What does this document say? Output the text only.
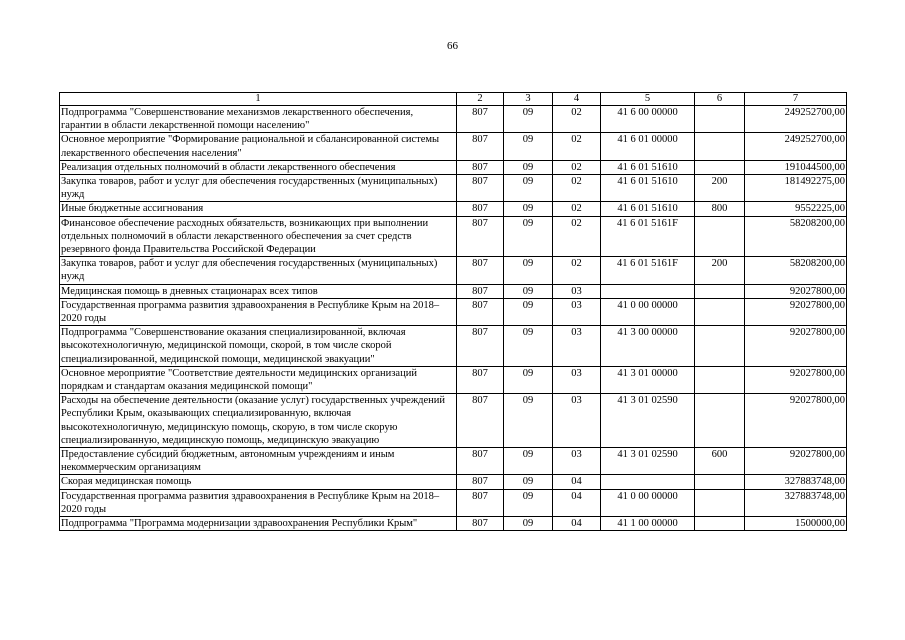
66
1	2	3	4	5	6	7
Подпрограмма "Совершенствование механизмов лекарственного обеспечения, гарантии в области лекарственной помощи населению"	807	09	02	41 6 00 00000		249252700,00
Основное мероприятие "Формирование рациональной и сбалансированной системы лекарственного обеспечения населения"	807	09	02	41 6 01 00000		249252700,00
Реализация отдельных полномочий в области лекарственного обеспечения	807	09	02	41 6 01 51610		191044500,00
Закупка товаров, работ и услуг для обеспечения государственных (муниципальных) нужд	807	09	02	41 6 01 51610	200	181492275,00
Иные бюджетные ассигнования	807	09	02	41 6 01 51610	800	9552225,00
Финансовое обеспечение расходных обязательств, возникающих при выполнении отдельных полномочий в области лекарственного обеспечения за счет средств резервного фонда Правительства Российской Федерации	807	09	02	41 6 01 5161F		58208200,00
Закупка товаров, работ и услуг для обеспечения государственных (муниципальных) нужд	807	09	02	41 6 01 5161F	200	58208200,00
Медицинская помощь в дневных стационарах всех типов	807	09	03			92027800,00
Государственная программа развития здравоохранения в Республике Крым на 2018–2020 годы	807	09	03	41 0 00 00000		92027800,00
Подпрограмма "Совершенствование оказания специализированной, включая высокотехнологичную, медицинской помощи, скорой, в том числе скорой специализированной, медицинской помощи, медицинской эвакуации"	807	09	03	41 3 00 00000		92027800,00
Основное мероприятие "Соответствие деятельности медицинских организаций порядкам и стандартам оказания медицинской помощи"	807	09	03	41 3 01 00000		92027800,00
Расходы на обеспечение деятельности (оказание услуг) государственных учреждений Республики Крым, оказывающих специализированную, включая высокотехнологичную, медицинскую помощь, скорую, в том числе скорую специализированную, медицинскую помощь, медицинскую эвакуацию	807	09	03	41 3 01 02590		92027800,00
Предоставление субсидий бюджетным, автономным учреждениям и иным некоммерческим организациям	807	09	03	41 3 01 02590	600	92027800,00
Скорая медицинская помощь	807	09	04			327883748,00
Государственная программа развития здравоохранения в Республике Крым на 2018–2020 годы	807	09	04	41 0 00 00000		327883748,00
Подпрограмма "Программа модернизации здравоохранения Республики Крым"	807	09	04	41 1 00 00000		1500000,00
